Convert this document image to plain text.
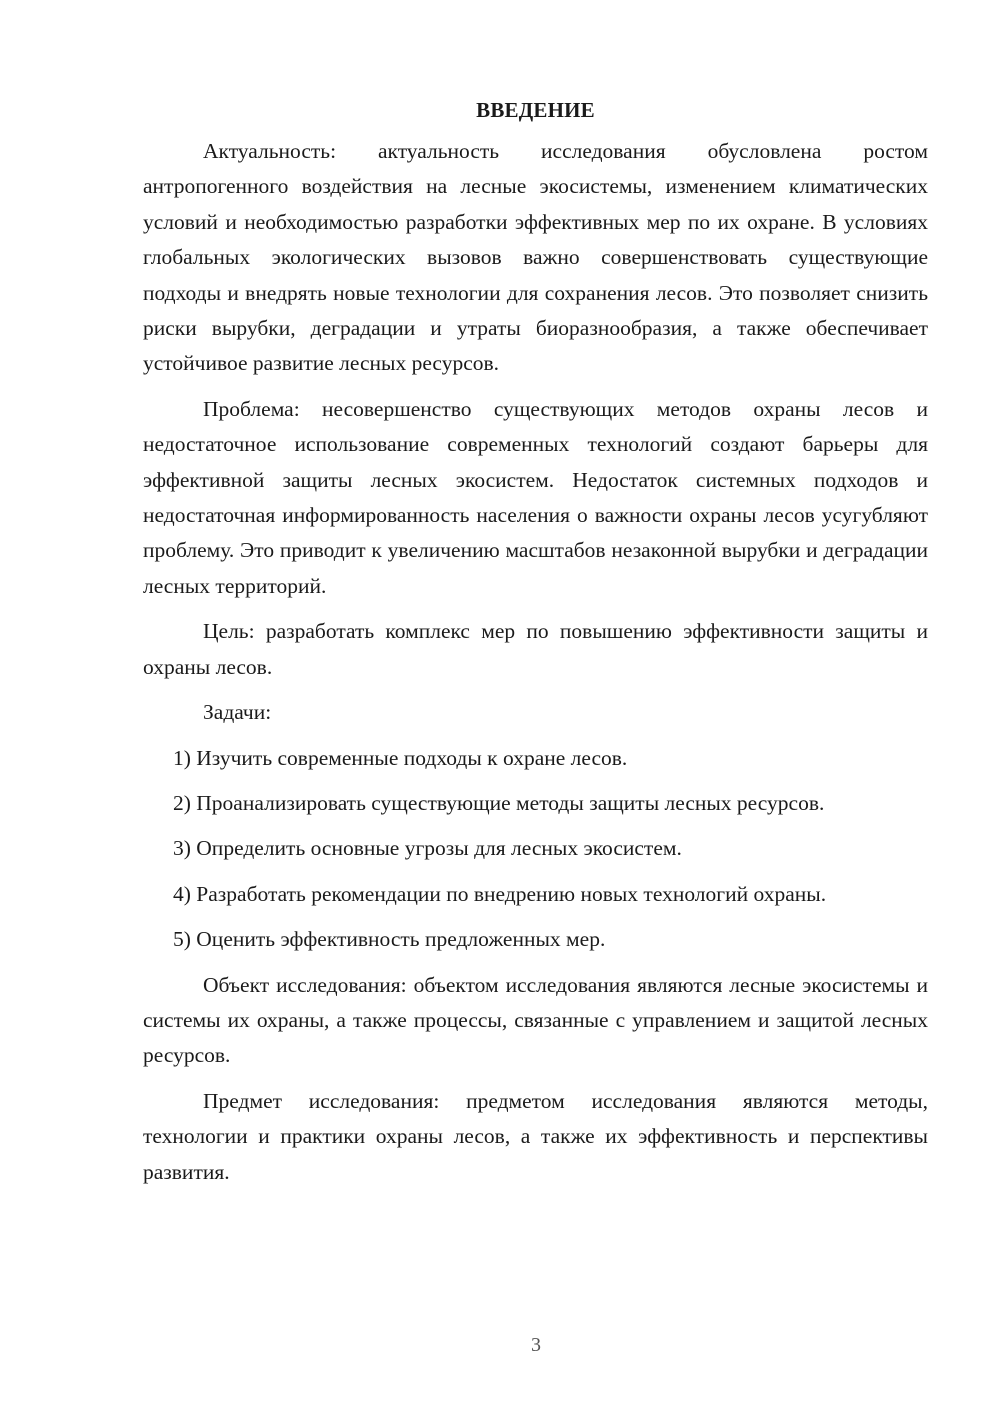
ВВЕДЕНИЕ

Актуальность: актуальность исследования обусловлена ростом антропогенного воздействия на лесные экосистемы, изменением климатических условий и необходимостью разработки эффективных мер по их охране. В условиях глобальных экологических вызовов важно совершенствовать существующие подходы и внедрять новые технологии для сохранения лесов. Это позволяет снизить риски вырубки, деградации и утраты биоразнообразия, а также обеспечивает устойчивое развитие лесных ресурсов.

Проблема: несовершенство существующих методов охраны лесов и недостаточное использование современных технологий создают барьеры для эффективной защиты лесных экосистем. Недостаток системных подходов и недостаточная информированность населения о важности охраны лесов усугубляют проблему. Это приводит к увеличению масштабов незаконной вырубки и деградации лесных территорий.

Цель: разработать комплекс мер по повышению эффективности защиты и охраны лесов.

Задачи:

1) Изучить современные подходы к охране лесов.

2) Проанализировать существующие методы защиты лесных ресурсов.

3) Определить основные угрозы для лесных экосистем.

4) Разработать рекомендации по внедрению новых технологий охраны.

5) Оценить эффективность предложенных мер.

Объект исследования: объектом исследования являются лесные экосистемы и системы их охраны, а также процессы, связанные с управлением и защитой лесных ресурсов.

Предмет исследования: предметом исследования являются методы, технологии и практики охраны лесов, а также их эффективность и перспективы развития.

3
